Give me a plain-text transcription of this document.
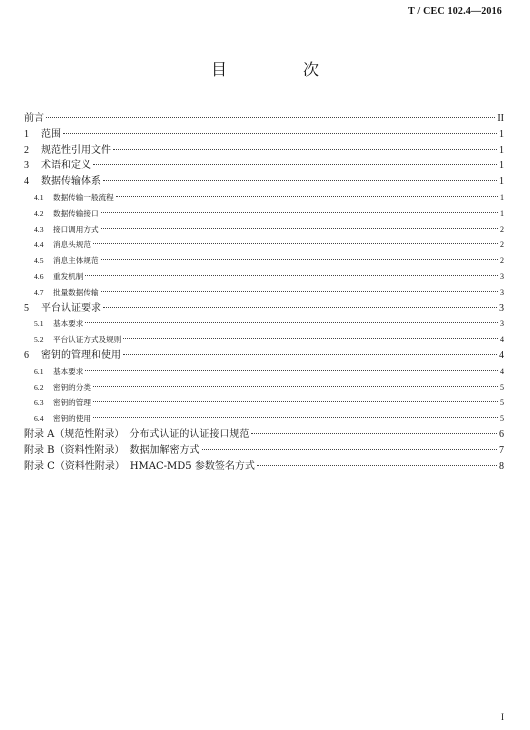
T / CEC 102.4—2016
目　次
前言	II
1 范围	1
2 规范性引用文件	1
3 术语和定义	1
4 数据传输体系	1
4.1 数据传输一般流程	1
4.2 数据传输接口	1
4.3 接口调用方式	2
4.4 消息头规范	2
4.5 消息主体规范	2
4.6 重发机制	3
4.7 批量数据传输	3
5 平台认证要求	3
5.1 基本要求	3
5.2 平台认证方式及规则	4
6 密钥的管理和使用	4
6.1 基本要求	4
6.2 密钥的分类	5
6.3 密钥的管理	5
6.4 密钥的使用	5
附录 A（规范性附录）　分布式认证的认证接口规范	6
附录 B（资料性附录）　数据加解密方式	7
附录 C（资料性附录）　HMAC-MD5 参数签名方式	8
I
